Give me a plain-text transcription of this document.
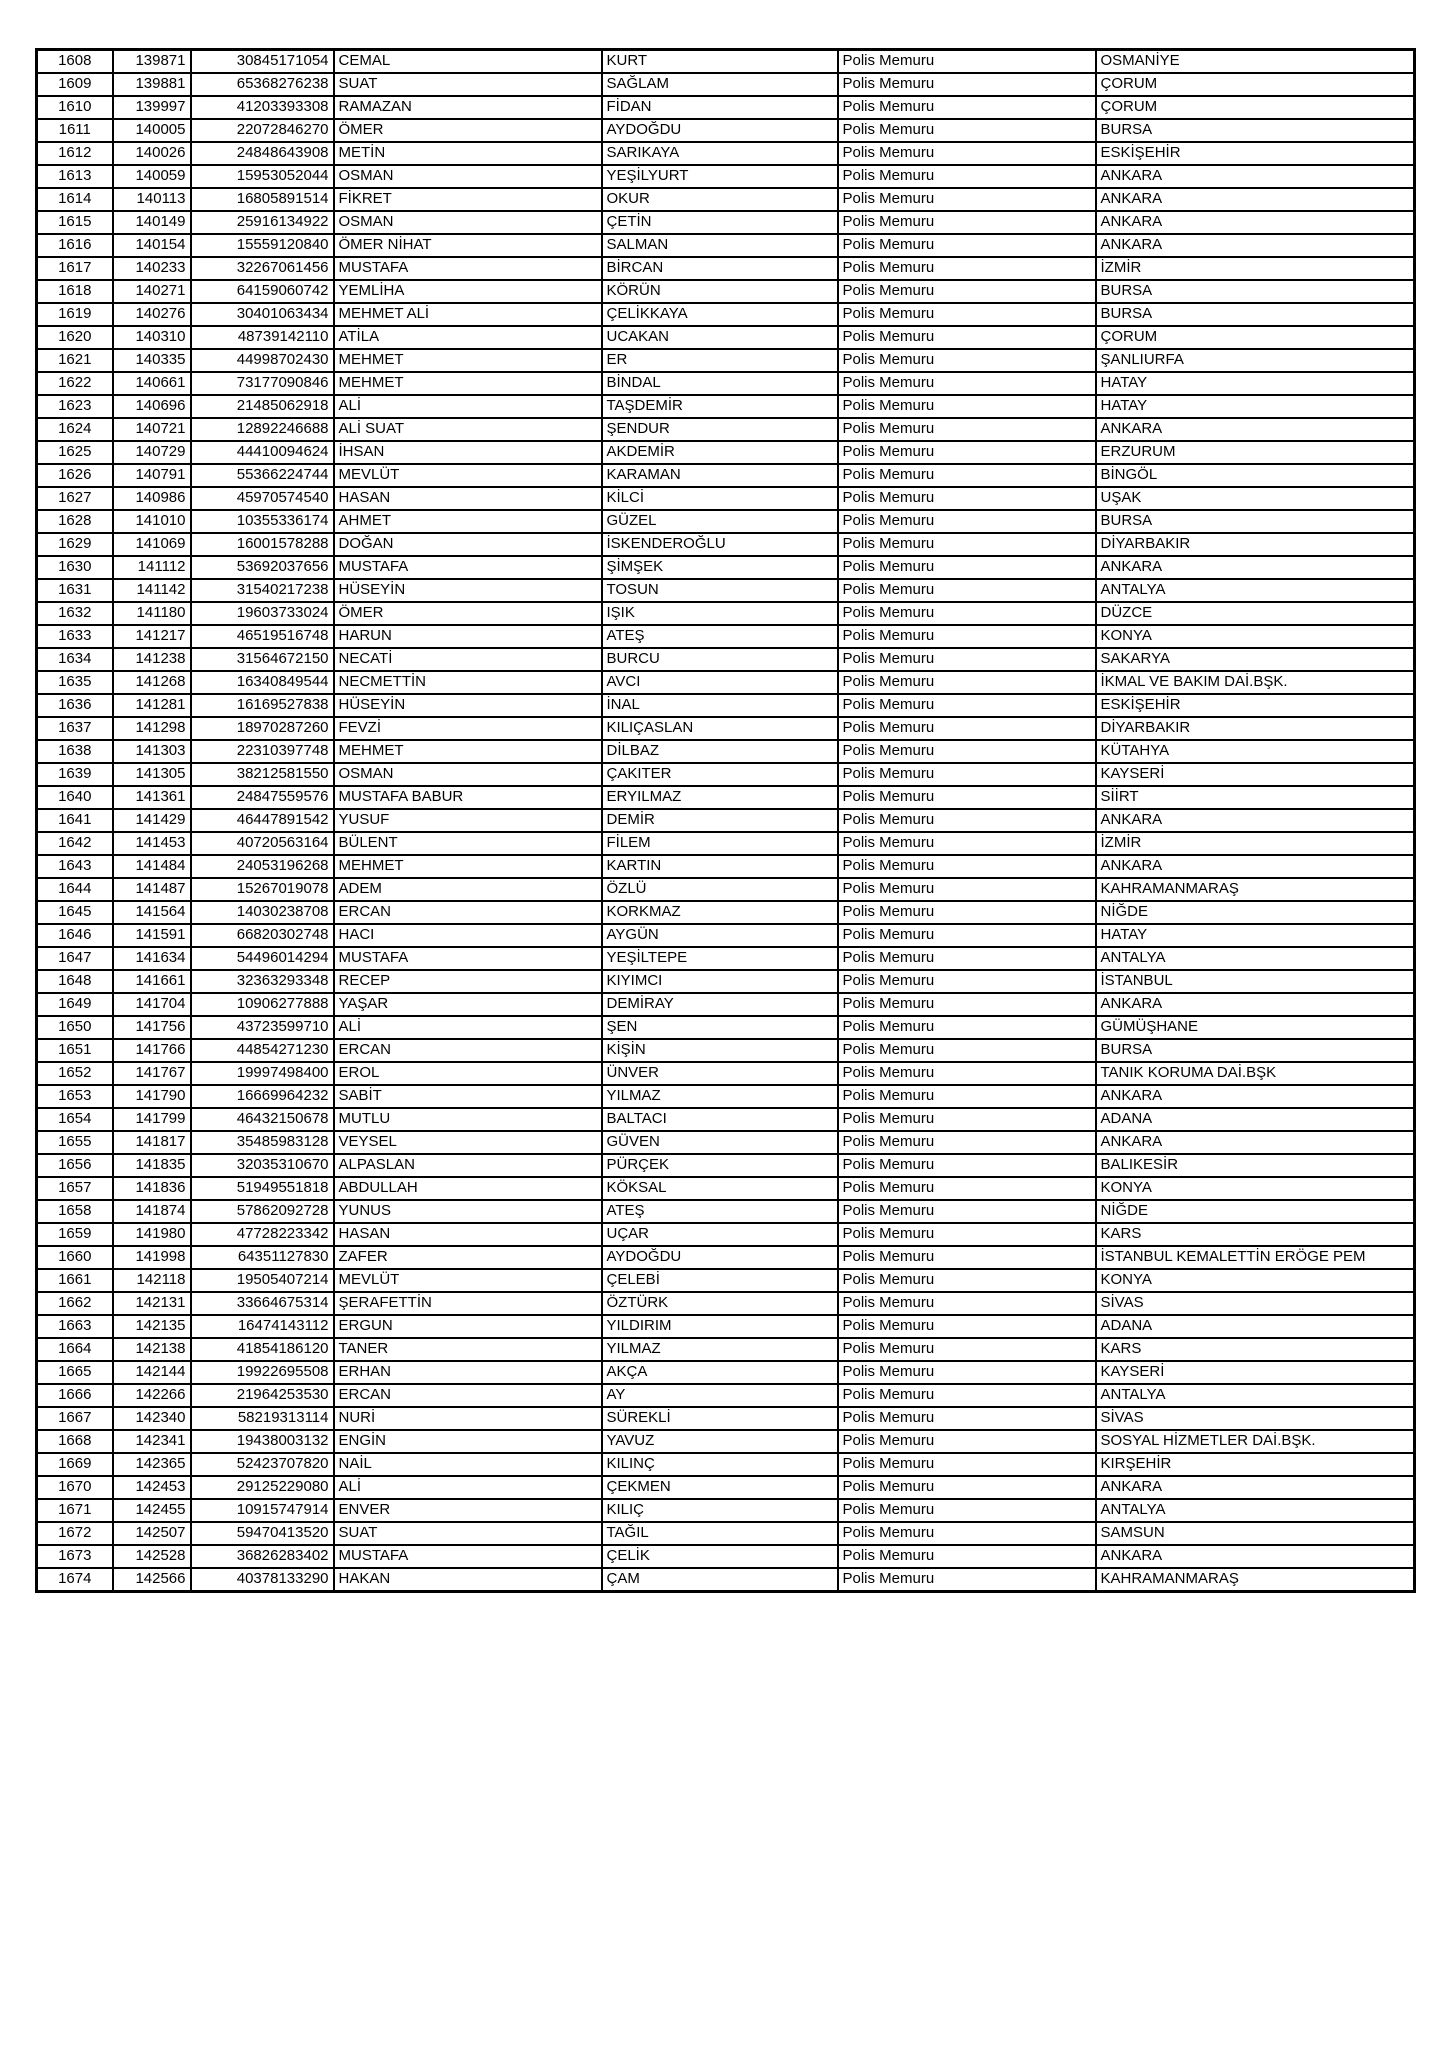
1608	139871	30845171054	CEMAL	KURT	Polis Memuru	OSMANİYE
1609	139881	65368276238	SUAT	SAĞLAM	Polis Memuru	ÇORUM
1610	139997	41203393308	RAMAZAN	FİDAN	Polis Memuru	ÇORUM
1611	140005	22072846270	ÖMER	AYDOĞDU	Polis Memuru	BURSA
1612	140026	24848643908	METİN	SARIKAYA	Polis Memuru	ESKİŞEHİR
1613	140059	15953052044	OSMAN	YEŞİLYURT	Polis Memuru	ANKARA
1614	140113	16805891514	FİKRET	OKUR	Polis Memuru	ANKARA
1615	140149	25916134922	OSMAN	ÇETİN	Polis Memuru	ANKARA
1616	140154	15559120840	ÖMER NİHAT	SALMAN	Polis Memuru	ANKARA
1617	140233	32267061456	MUSTAFA	BİRCAN	Polis Memuru	İZMİR
1618	140271	64159060742	YEMLİHA	KÖRÜN	Polis Memuru	BURSA
1619	140276	30401063434	MEHMET ALİ	ÇELİKKAYA	Polis Memuru	BURSA
1620	140310	48739142110	ATİLA	UCAKAN	Polis Memuru	ÇORUM
1621	140335	44998702430	MEHMET	ER	Polis Memuru	ŞANLIURFA
1622	140661	73177090846	MEHMET	BİNDAL	Polis Memuru	HATAY
1623	140696	21485062918	ALİ	TAŞDEMİR	Polis Memuru	HATAY
1624	140721	12892246688	ALİ SUAT	ŞENDUR	Polis Memuru	ANKARA
1625	140729	44410094624	İHSAN	AKDEMİR	Polis Memuru	ERZURUM
1626	140791	55366224744	MEVLÜT	KARAMAN	Polis Memuru	BİNGÖL
1627	140986	45970574540	HASAN	KİLCİ	Polis Memuru	UŞAK
1628	141010	10355336174	AHMET	GÜZEL	Polis Memuru	BURSA
1629	141069	16001578288	DOĞAN	İSKENDEROĞLU	Polis Memuru	DİYARBAKIR
1630	141112	53692037656	MUSTAFA	ŞİMŞEK	Polis Memuru	ANKARA
1631	141142	31540217238	HÜSEYİN	TOSUN	Polis Memuru	ANTALYA
1632	141180	19603733024	ÖMER	IŞIK	Polis Memuru	DÜZCE
1633	141217	46519516748	HARUN	ATEŞ	Polis Memuru	KONYA
1634	141238	31564672150	NECATİ	BURCU	Polis Memuru	SAKARYA
1635	141268	16340849544	NECMETTİN	AVCI	Polis Memuru	İKMAL VE BAKIM DAİ.BŞK.
1636	141281	16169527838	HÜSEYİN	İNAL	Polis Memuru	ESKİŞEHİR
1637	141298	18970287260	FEVZİ	KILIÇASLAN	Polis Memuru	DİYARBAKIR
1638	141303	22310397748	MEHMET	DİLBAZ	Polis Memuru	KÜTAHYA
1639	141305	38212581550	OSMAN	ÇAKITER	Polis Memuru	KAYSERİ
1640	141361	24847559576	MUSTAFA BABUR	ERYILMAZ	Polis Memuru	SİİRT
1641	141429	46447891542	YUSUF	DEMİR	Polis Memuru	ANKARA
1642	141453	40720563164	BÜLENT	FİLEM	Polis Memuru	İZMİR
1643	141484	24053196268	MEHMET	KARTIN	Polis Memuru	ANKARA
1644	141487	15267019078	ADEM	ÖZLÜ	Polis Memuru	KAHRAMANMARAŞ
1645	141564	14030238708	ERCAN	KORKMAZ	Polis Memuru	NİĞDE
1646	141591	66820302748	HACI	AYGÜN	Polis Memuru	HATAY
1647	141634	54496014294	MUSTAFA	YEŞİLTEPE	Polis Memuru	ANTALYA
1648	141661	32363293348	RECEP	KIYIMCI	Polis Memuru	İSTANBUL
1649	141704	10906277888	YAŞAR	DEMİRAY	Polis Memuru	ANKARA
1650	141756	43723599710	ALİ	ŞEN	Polis Memuru	GÜMÜŞHANE
1651	141766	44854271230	ERCAN	KİŞİN	Polis Memuru	BURSA
1652	141767	19997498400	EROL	ÜNVER	Polis Memuru	TANIK KORUMA DAİ.BŞK
1653	141790	16669964232	SABİT	YILMAZ	Polis Memuru	ANKARA
1654	141799	46432150678	MUTLU	BALTACI	Polis Memuru	ADANA
1655	141817	35485983128	VEYSEL	GÜVEN	Polis Memuru	ANKARA
1656	141835	32035310670	ALPASLAN	PÜRÇEK	Polis Memuru	BALIKESİR
1657	141836	51949551818	ABDULLAH	KÖKSAL	Polis Memuru	KONYA
1658	141874	57862092728	YUNUS	ATEŞ	Polis Memuru	NİĞDE
1659	141980	47728223342	HASAN	UÇAR	Polis Memuru	KARS
1660	141998	64351127830	ZAFER	AYDOĞDU	Polis Memuru	İSTANBUL KEMALETTİN ERÖGE PEM
1661	142118	19505407214	MEVLÜT	ÇELEBİ	Polis Memuru	KONYA
1662	142131	33664675314	ŞERAFETTİN	ÖZTÜRK	Polis Memuru	SİVAS
1663	142135	16474143112	ERGUN	YILDIRIM	Polis Memuru	ADANA
1664	142138	41854186120	TANER	YILMAZ	Polis Memuru	KARS
1665	142144	19922695508	ERHAN	AKÇA	Polis Memuru	KAYSERİ
1666	142266	21964253530	ERCAN	AY	Polis Memuru	ANTALYA
1667	142340	58219313114	NURİ	SÜREKLİ	Polis Memuru	SİVAS
1668	142341	19438003132	ENGİN	YAVUZ	Polis Memuru	SOSYAL HİZMETLER DAİ.BŞK.
1669	142365	52423707820	NAİL	KILINÇ	Polis Memuru	KIRŞEHİR
1670	142453	29125229080	ALİ	ÇEKMEN	Polis Memuru	ANKARA
1671	142455	10915747914	ENVER	KILIÇ	Polis Memuru	ANTALYA
1672	142507	59470413520	SUAT	TAĞIL	Polis Memuru	SAMSUN
1673	142528	36826283402	MUSTAFA	ÇELİK	Polis Memuru	ANKARA
1674	142566	40378133290	HAKAN	ÇAM	Polis Memuru	KAHRAMANMARAŞ
